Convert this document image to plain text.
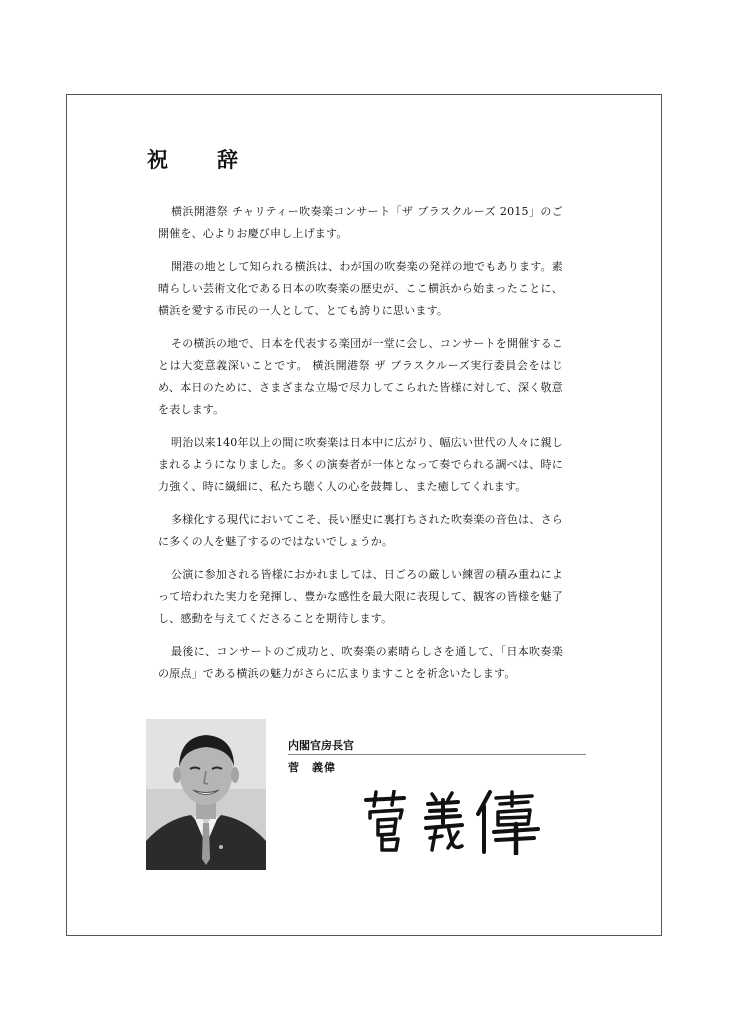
祝　辞

横浜開港祭 チャリティー吹奏楽コンサート「ザ ブラスクルーズ 2015」のご開催を、心よりお慶び申し上げます。

開港の地として知られる横浜は、わが国の吹奏楽の発祥の地でもあります。素晴らしい芸術文化である日本の吹奏楽の歴史が、ここ横浜から始まったことに、横浜を愛する市民の一人として、とても誇りに思います。

その横浜の地で、日本を代表する楽団が一堂に会し、コンサートを開催することは大変意義深いことです。 横浜開港祭 ザ ブラスクルーズ実行委員会をはじめ、本日のために、さまざまな立場で尽力してこられた皆様に対して、深く敬意を表します。

明治以来140年以上の間に吹奏楽は日本中に広がり、幅広い世代の人々に親しまれるようになりました。多くの演奏者が一体となって奏でられる調べは、時に力強く、時に繊細に、私たち聴く人の心を鼓舞し、また癒してくれます。

多様化する現代においてこそ、長い歴史に裏打ちされた吹奏楽の音色は、さらに多くの人を魅了するのではないでしょうか。

公演に参加される皆様におかれましては、日ごろの厳しい練習の積み重ねによって培われた実力を発揮し、豊かな感性を最大限に表現して、観客の皆様を魅了し、感動を与えてくださることを期待します。

最後に、コンサートのご成功と、吹奏楽の素晴らしさを通して、「日本吹奏楽の原点」である横浜の魅力がさらに広まりますことを祈念いたします。

内閣官房長官
菅　義偉
